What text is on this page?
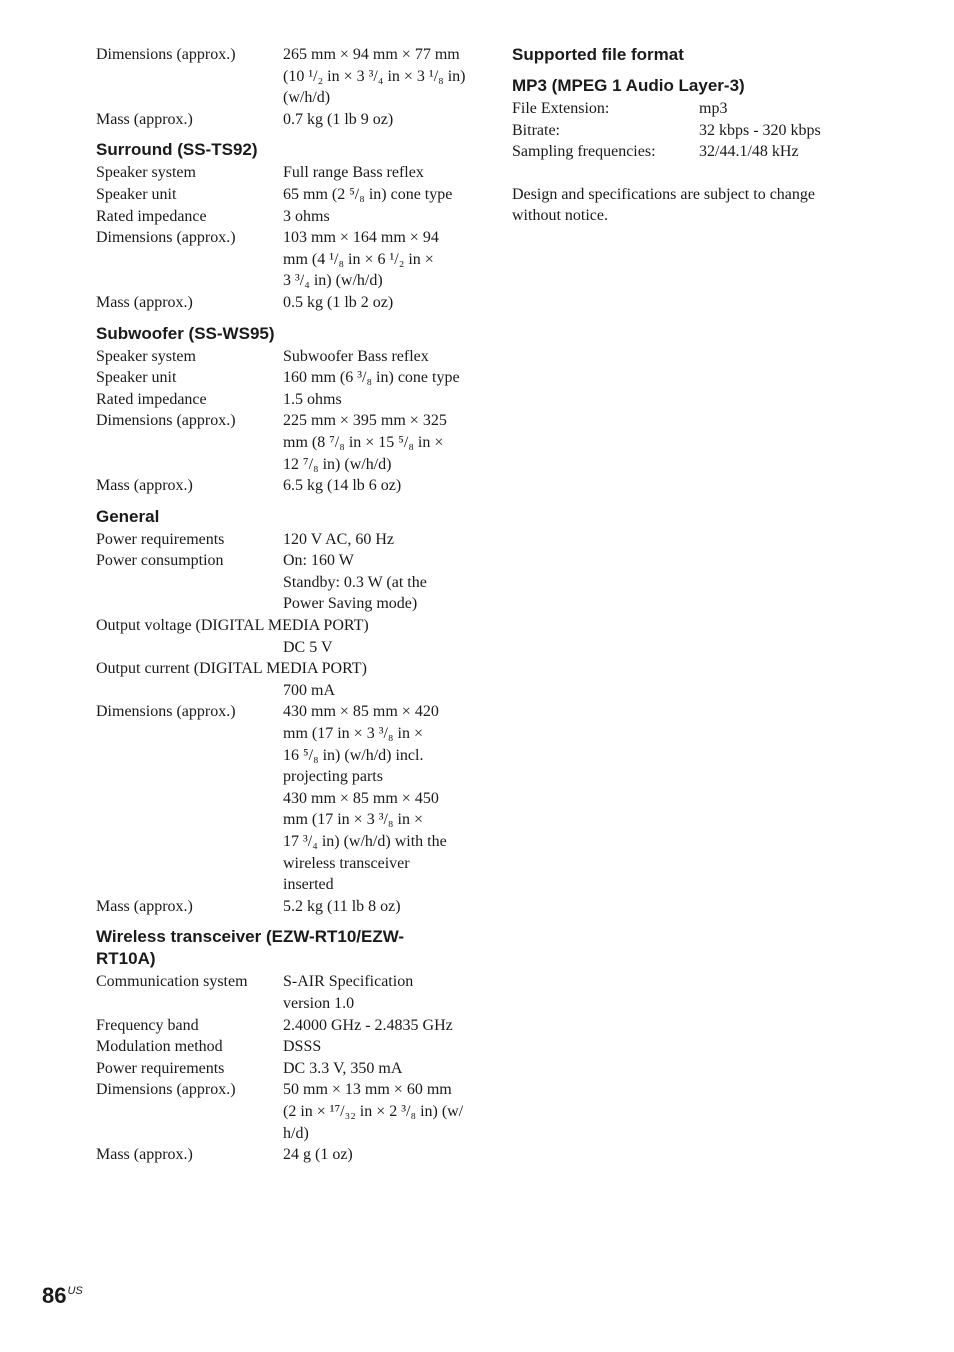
Dimensions (approx.)	265 mm × 94 mm × 77 mm
(10 ¹/₂ in × 3 ³/₄ in × 3 ¹/₈ in)
(w/h/d)
Mass (approx.)	0.7 kg (1 lb 9 oz)
Surround (SS-TS92)
Speaker system	Full range Bass reflex
Speaker unit	65 mm (2 ⁵/₈ in) cone type
Rated impedance	3 ohms
Dimensions (approx.)	103 mm × 164 mm × 94
mm (4 ¹/₈ in × 6 ¹/₂ in ×
3 ³/₄ in) (w/h/d)
Mass (approx.)	0.5 kg (1 lb 2 oz)
Subwoofer (SS-WS95)
Speaker system	Subwoofer Bass reflex
Speaker unit	160 mm (6 ³/₈ in) cone type
Rated impedance	1.5 ohms
Dimensions (approx.)	225 mm × 395 mm × 325
mm (8 ⁷/₈ in × 15 ⁵/₈ in ×
12 ⁷/₈ in) (w/h/d)
Mass (approx.)	6.5 kg (14 lb 6 oz)
General
Power requirements	120 V AC, 60 Hz
Power consumption	On: 160 W
Standby: 0.3 W (at the
Power Saving mode)
Output voltage (DIGITAL MEDIA PORT)
DC 5 V
Output current (DIGITAL MEDIA PORT)
700 mA
Dimensions (approx.)	430 mm × 85 mm × 420
mm (17 in × 3 ³/₈ in ×
16 ⁵/₈ in) (w/h/d) incl.
projecting parts
430 mm × 85 mm × 450
mm (17 in × 3 ³/₈ in ×
17 ³/₄ in) (w/h/d) with the
wireless transceiver
inserted
Mass (approx.)	5.2 kg (11 lb 8 oz)
Wireless transceiver (EZW-RT10/EZW-
RT10A)
Communication system	S-AIR Specification
version 1.0
Frequency band	2.4000 GHz - 2.4835 GHz
Modulation method	DSSS
Power requirements	DC 3.3 V, 350 mA
Dimensions (approx.)	50 mm × 13 mm × 60 mm
(2 in × ¹⁷/₃₂ in × 2 ³/₈ in) (w/
h/d)
Mass (approx.)	24 g (1 oz)
Supported file format
MP3 (MPEG 1 Audio Layer-3)
File Extension:	mp3
Bitrate:	32 kbps - 320 kbps
Sampling frequencies:	32/44.1/48 kHz
Design and specifications are subject to change without notice.
$86^{US}$
